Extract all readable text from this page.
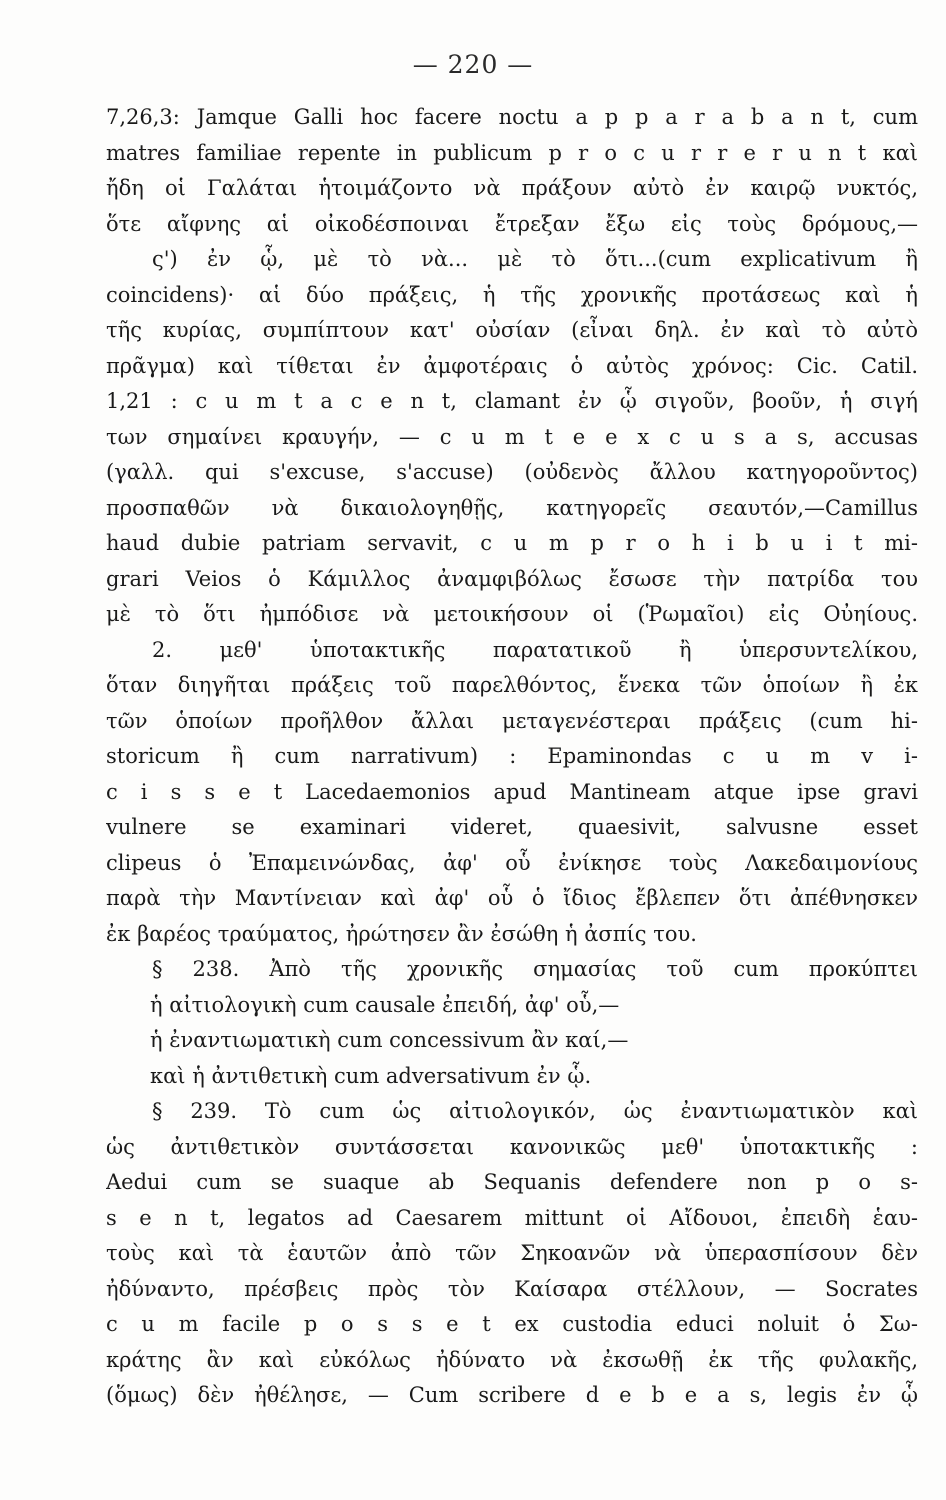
— 220 —
7,26,3: Jamque Galli hoc facere noctu a p p a r a b a n t, cum
matres familiae repente in publicum p r o c u r r e r u n t καὶ
ἤδη οἱ Γαλάται ἡτοιμάζοντο νὰ πράξουν αὐτὸ ἐν καιρῷ νυκτός,
ὅτε αἴφνης αἱ οἰκοδέσποιναι ἔτρεξαν ἔξω εἰς τοὺς δρόμους,—
ς') ἐν ᾧ, μὲ τὸ νὰ... μὲ τὸ ὅτι...(cum explicativum ἢ
coincidens)· αἱ δύο πράξεις, ἡ τῆς χρονικῆς προτάσεως καὶ ἡ
τῆς κυρίας, συμπίπτουν κατ' οὐσίαν (εἶναι δηλ. ἐν καὶ τὸ αὐτὸ
πρᾶγμα) καὶ τίθεται ἐν ἀμφοτέραις ὁ αὐτὸς χρόνος: Cic. Catil.
1,21 : c u m t a c e n t, clamant ἐν ᾧ σιγοῦν, βοοῦν, ἡ σιγή
των σημαίνει κραυγήν, — c u m t e e x c u s a s, accusas
(γαλλ. qui s'excuse, s'accuse) (οὐδενὸς ἄλλου κατηγοροῦντος)
προσπαθῶν νὰ δικαιολογηθῇς, κατηγορεῖς σεαυτόν,—Camillus
haud dubie patriam servavit, c u m p r o h i b u i t mi-
grari Veios ὁ Κάμιλλος ἀναμφιβόλως ἔσωσε τὴν πατρίδα του
μὲ τὸ ὅτι ἠμπόδισε νὰ μετοικήσουν οἱ (Ῥωμαῖοι) εἰς Οὐηίους.
2. μεθ' ὑποτακτικῆς παρατατικοῦ ἢ ὑπερσυντελίκου,
ὅταν διηγῆται πράξεις τοῦ παρελθόντος, ἕνεκα τῶν ὁποίων ἢ ἐκ
τῶν ὁποίων προῆλθον ἄλλαι μεταγενέστεραι πράξεις (cum hi-
storicum ἢ cum narrativum) : Epaminondas c u m v i-
c i s s e t Lacedaemonios apud Mantineam atque ipse gravi
vulnere se examinari videret, quaesivit, salvusne esset
clipeus ὁ Ἐπαμεινώνδας, ἀφ' οὗ ἐνίκησε τοὺς Λακεδαιμονίους
παρὰ τὴν Μαντίνειαν καὶ ἀφ' οὗ ὁ ἴδιος ἔβλεπεν ὅτι ἀπέθνησκεν
ἐκ βαρέος τραύματος, ἠρώτησεν ἂν ἐσώθη ἡ ἀσπίς του.
§ 238. Ἀπὸ τῆς χρονικῆς σημασίας τοῦ cum προκύπτει
ἡ αἰτιολογικὴ cum causale ἐπειδή, ἀφ' οὗ,—
ἡ ἐναντιωματικὴ cum concessivum ἂν καί,—
καὶ ἡ ἀντιθετικὴ cum adversativum ἐν ᾧ.
§ 239. Τὸ cum ὡς αἰτιολογικόν, ὡς ἐναντιωματικὸν καὶ
ὡς ἀντιθετικὸν συντάσσεται κανονικῶς μεθ' ὑποτακτικῆς :
Aedui cum se suaque ab Sequanis defendere non p o s-
s e n t, legatos ad Caesarem mittunt οἱ Αἴδουοι, ἐπειδὴ ἑαυ-
τοὺς καὶ τὰ ἑαυτῶν ἀπὸ τῶν Σηκοανῶν νὰ ὑπερασπίσουν δὲν
ἠδύναντο, πρέσβεις πρὸς τὸν Καίσαρα στέλλουν, — Socrates
c u m facile p o s s e t ex custodia educi noluit ὁ Σω-
κράτης ἂν καὶ εὐκόλως ἠδύνατο νὰ ἐκσωθῇ ἐκ τῆς φυλακῆς,
(ὅμως) δὲν ἠθέλησε, — Cum scribere d e b e a s, legis ἐν ᾧ
